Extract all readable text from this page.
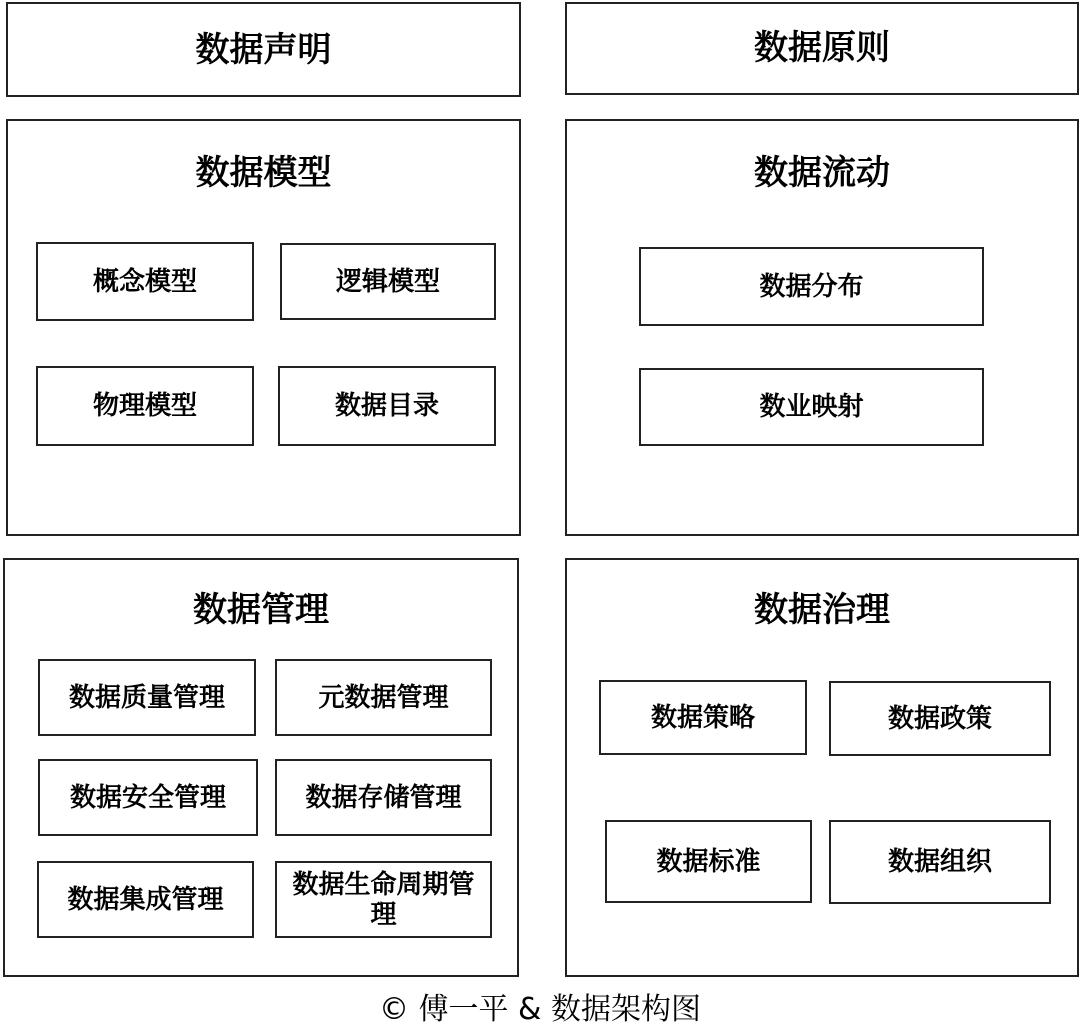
数据声明	数据原则
数据模型
概念模型	逻辑模型
物理模型	数据目录
数据流动
数据分布
数业映射
数据管理
数据质量管理	元数据管理
数据安全管理	数据存储管理
数据集成管理	数据生命周期管理
数据治理
数据策略	数据政策
数据标准	数据组织
© 傅一平 & 数据架构图
